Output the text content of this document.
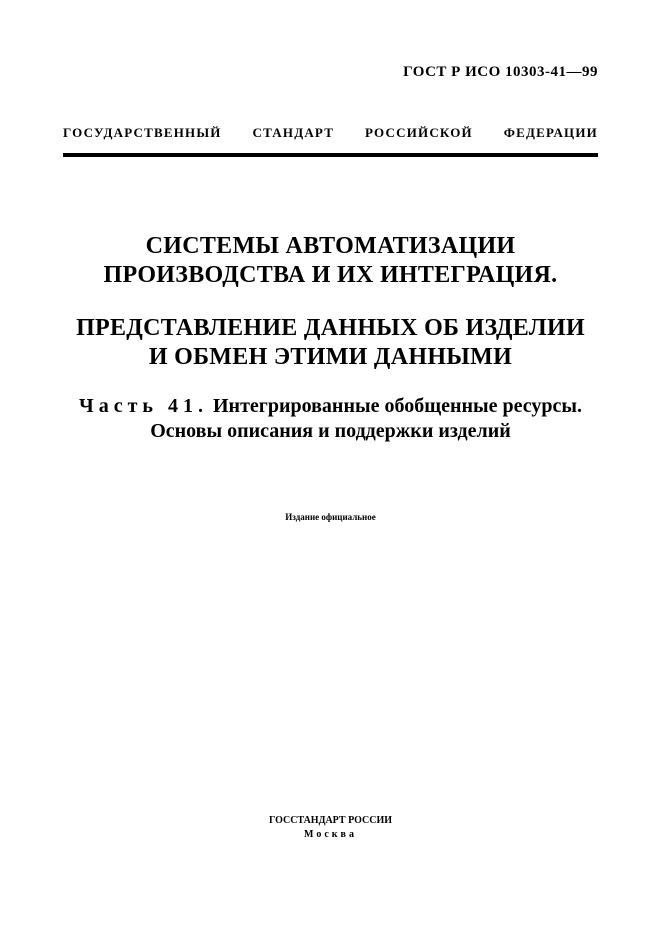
ГОСТ Р ИСО 10303-41—99
ГОСУДАРСТВЕННЫЙ СТАНДАРТ РОССИЙСКОЙ ФЕДЕРАЦИИ
СИСТЕМЫ АВТОМАТИЗАЦИИ
ПРОИЗВОДСТВА И ИХ ИНТЕГРАЦИЯ.
ПРЕДСТАВЛЕНИЕ ДАННЫХ ОБ ИЗДЕЛИИ
И ОБМЕН ЭТИМИ ДАННЫМИ
Часть 41. Интегрированные обобщенные ресурсы.
Основы описания и поддержки изделий
Издание официальное
ГОССТАНДАРТ РОССИИ
Москва
